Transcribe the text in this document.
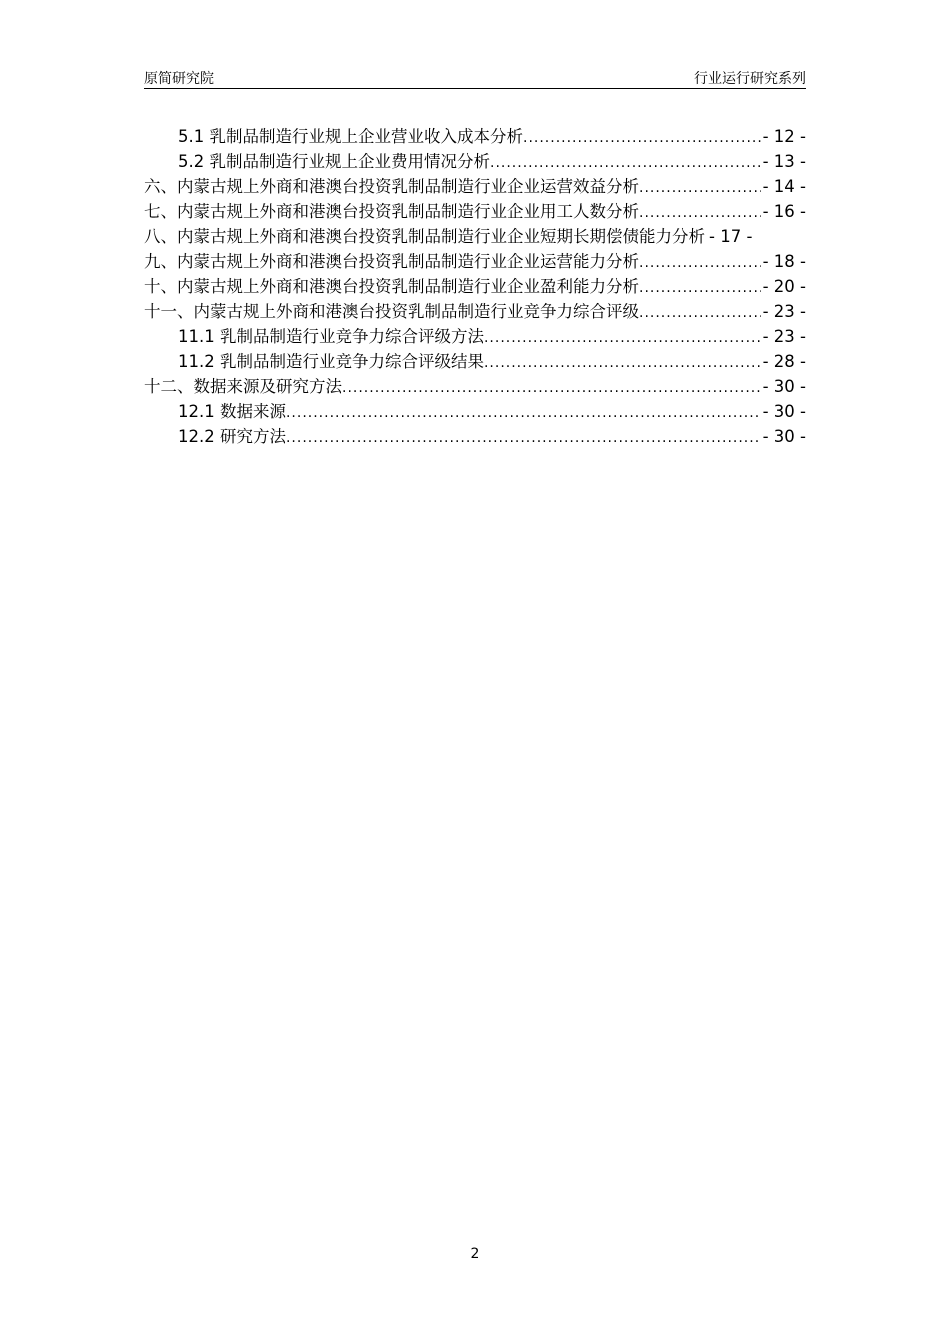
原简研究院	行业运行研究系列
5.1 乳制品制造行业规上企业营业收入成本分析 .....	- 12 -
5.2 乳制品制造行业规上企业费用情况分析 .....	- 13 -
六、内蒙古规上外商和港澳台投资乳制品制造行业企业运营效益分析 .....	- 14 -
七、内蒙古规上外商和港澳台投资乳制品制造行业企业用工人数分析 .....	- 16 -
八、内蒙古规上外商和港澳台投资乳制品制造行业企业短期长期偿债能力分析 - 17 -
九、内蒙古规上外商和港澳台投资乳制品制造行业企业运营能力分析 .....	- 18 -
十、内蒙古规上外商和港澳台投资乳制品制造行业企业盈利能力分析 .....	- 20 -
十一、内蒙古规上外商和港澳台投资乳制品制造行业竞争力综合评级 .....	- 23 -
11.1 乳制品制造行业竞争力综合评级方法 .....	- 23 -
11.2 乳制品制造行业竞争力综合评级结果 .....	- 28 -
十二、数据来源及研究方法 .....	- 30 -
12.1 数据来源 .....	- 30 -
12.2 研究方法 .....	- 30 -
2
